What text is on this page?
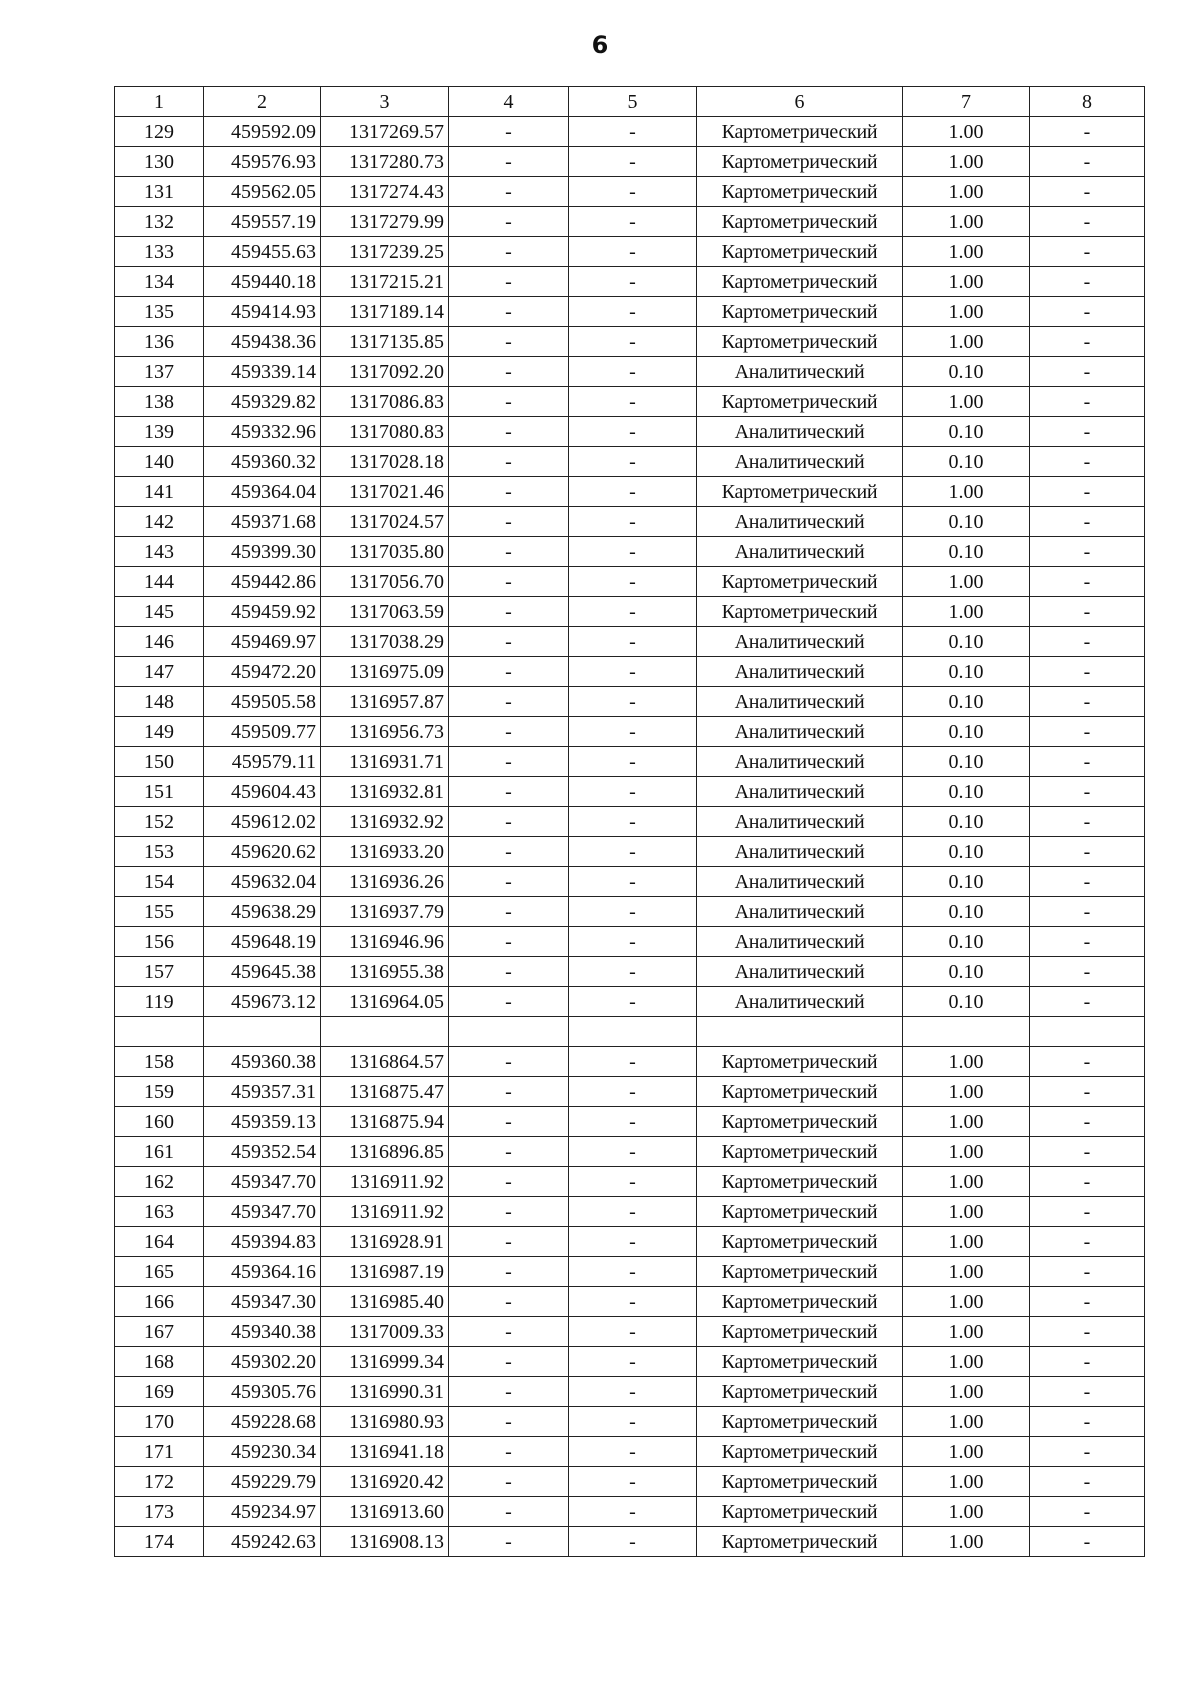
6
1	2	3	4	5	6	7	8
129	459592.09	1317269.57	-	-	Картометрический	1.00	-
130	459576.93	1317280.73	-	-	Картометрический	1.00	-
131	459562.05	1317274.43	-	-	Картометрический	1.00	-
132	459557.19	1317279.99	-	-	Картометрический	1.00	-
133	459455.63	1317239.25	-	-	Картометрический	1.00	-
134	459440.18	1317215.21	-	-	Картометрический	1.00	-
135	459414.93	1317189.14	-	-	Картометрический	1.00	-
136	459438.36	1317135.85	-	-	Картометрический	1.00	-
137	459339.14	1317092.20	-	-	Аналитический	0.10	-
138	459329.82	1317086.83	-	-	Картометрический	1.00	-
139	459332.96	1317080.83	-	-	Аналитический	0.10	-
140	459360.32	1317028.18	-	-	Аналитический	0.10	-
141	459364.04	1317021.46	-	-	Картометрический	1.00	-
142	459371.68	1317024.57	-	-	Аналитический	0.10	-
143	459399.30	1317035.80	-	-	Аналитический	0.10	-
144	459442.86	1317056.70	-	-	Картометрический	1.00	-
145	459459.92	1317063.59	-	-	Картометрический	1.00	-
146	459469.97	1317038.29	-	-	Аналитический	0.10	-
147	459472.20	1316975.09	-	-	Аналитический	0.10	-
148	459505.58	1316957.87	-	-	Аналитический	0.10	-
149	459509.77	1316956.73	-	-	Аналитический	0.10	-
150	459579.11	1316931.71	-	-	Аналитический	0.10	-
151	459604.43	1316932.81	-	-	Аналитический	0.10	-
152	459612.02	1316932.92	-	-	Аналитический	0.10	-
153	459620.62	1316933.20	-	-	Аналитический	0.10	-
154	459632.04	1316936.26	-	-	Аналитический	0.10	-
155	459638.29	1316937.79	-	-	Аналитический	0.10	-
156	459648.19	1316946.96	-	-	Аналитический	0.10	-
157	459645.38	1316955.38	-	-	Аналитический	0.10	-
119	459673.12	1316964.05	-	-	Аналитический	0.10	-

158	459360.38	1316864.57	-	-	Картометрический	1.00	-
159	459357.31	1316875.47	-	-	Картометрический	1.00	-
160	459359.13	1316875.94	-	-	Картометрический	1.00	-
161	459352.54	1316896.85	-	-	Картометрический	1.00	-
162	459347.70	1316911.92	-	-	Картометрический	1.00	-
163	459347.70	1316911.92	-	-	Картометрический	1.00	-
164	459394.83	1316928.91	-	-	Картометрический	1.00	-
165	459364.16	1316987.19	-	-	Картометрический	1.00	-
166	459347.30	1316985.40	-	-	Картометрический	1.00	-
167	459340.38	1317009.33	-	-	Картометрический	1.00	-
168	459302.20	1316999.34	-	-	Картометрический	1.00	-
169	459305.76	1316990.31	-	-	Картометрический	1.00	-
170	459228.68	1316980.93	-	-	Картометрический	1.00	-
171	459230.34	1316941.18	-	-	Картометрический	1.00	-
172	459229.79	1316920.42	-	-	Картометрический	1.00	-
173	459234.97	1316913.60	-	-	Картометрический	1.00	-
174	459242.63	1316908.13	-	-	Картометрический	1.00	-
